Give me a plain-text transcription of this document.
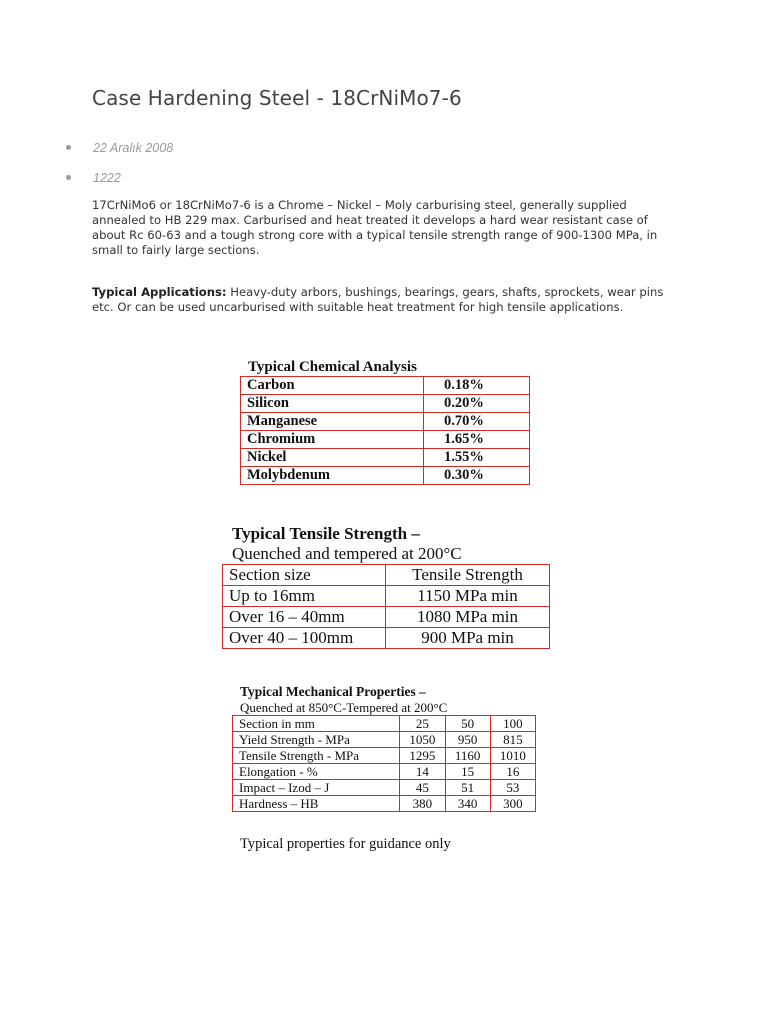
Case Hardening Steel - 18CrNiMo7-6
22 Aralık 2008
1222

17CrNiMo6 or 18CrNiMo7-6 is a Chrome – Nickel – Moly carburising steel, generally supplied annealed to HB 229 max. Carburised and heat treated it develops a hard wear resistant case of about Rc 60-63 and a tough strong core with a typical tensile strength range of 900-1300 MPa, in small to fairly large sections.

Typical Applications: Heavy-duty arbors, bushings, bearings, gears, shafts, sprockets, wear pins etc. Or can be used uncarburised with suitable heat treatment for high tensile applications.

Typical Chemical Analysis
Carbon	0.18%
Silicon	0.20%
Manganese	0.70%
Chromium	1.65%
Nickel	1.55%
Molybdenum	0.30%
Typical Tensile Strength –
Quenched and tempered at 200°C
Section size	Tensile Strength
Up to 16mm	1150 MPa min
Over 16 – 40mm	1080 MPa min
Over 40 – 100mm	900 MPa min
Typical Mechanical Properties –
Quenched at 850°C-Tempered at 200°C
Section in mm	25	50	100
Yield Strength - MPa	1050	950	815
Tensile Strength - MPa	1295	1160	1010
Elongation - %	14	15	16
Impact – Izod – J	45	51	53
Hardness – HB	380	340	300
Typical properties for guidance only
